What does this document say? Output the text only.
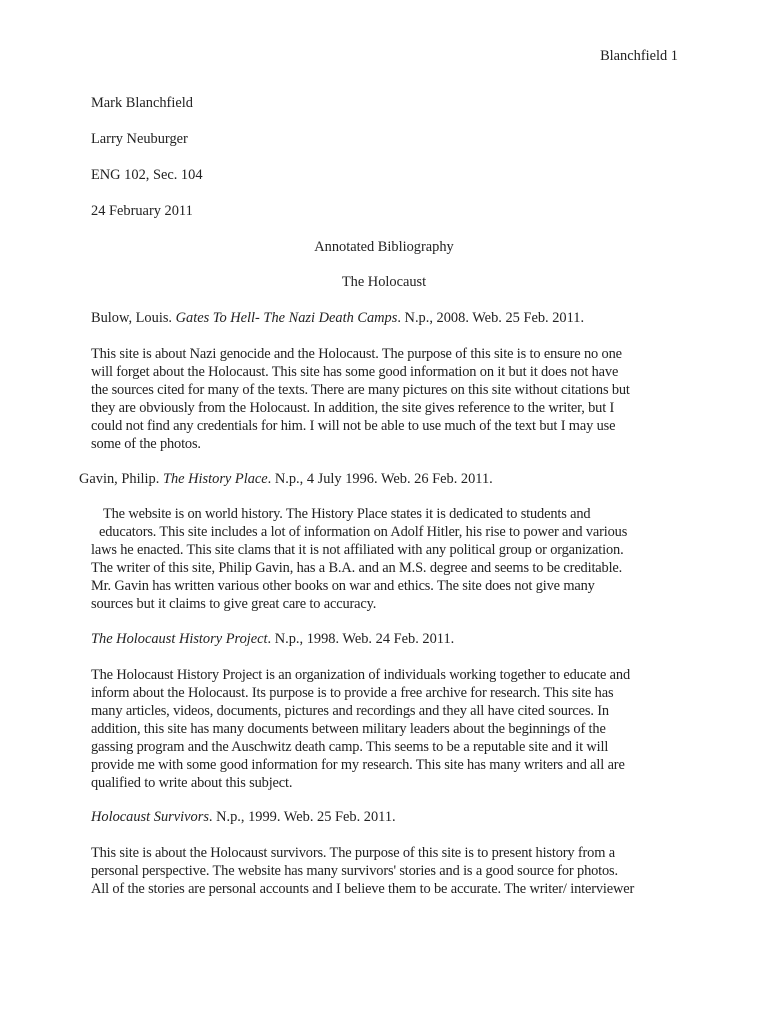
Blanchfield 1
Mark Blanchfield
Larry Neuburger
ENG 102, Sec. 104
24 February 2011
Annotated Bibliography
The Holocaust
Bulow, Louis. Gates To Hell- The Nazi Death Camps. N.p., 2008. Web. 25 Feb. 2011.
This site is about Nazi genocide and the Holocaust. The purpose of this site is to ensure no one
will forget about the Holocaust. This site has some good information on it but it does not have
the sources cited for many of the texts. There are many pictures on this site without citations but
they are obviously from the Holocaust. In addition, the site gives reference to the writer, but I
could not find any credentials for him. I will not be able to use much of the text but I may use
some of the photos.
Gavin, Philip. The History Place. N.p., 4 July 1996. Web. 26 Feb. 2011.
The website is on world history. The History Place states it is dedicated to students and
educators. This site includes a lot of information on Adolf Hitler, his rise to power and various
laws he enacted. This site clams that it is not affiliated with any political group or organization.
The writer of this site, Philip Gavin, has a B.A. and an M.S. degree and seems to be creditable.
Mr. Gavin has written various other books on war and ethics. The site does not give many
sources but it claims to give great care to accuracy.
The Holocaust History Project. N.p., 1998. Web. 24 Feb. 2011.
The Holocaust History Project is an organization of individuals working together to educate and
inform about the Holocaust. Its purpose is to provide a free archive for research. This site has
many articles, videos, documents, pictures and recordings and they all have cited sources. In
addition, this site has many documents between military leaders about the beginnings of the
gassing program and the Auschwitz death camp. This seems to be a reputable site and it will
provide me with some good information for my research. This site has many writers and all are
qualified to write about this subject.
Holocaust Survivors. N.p., 1999. Web. 25 Feb. 2011.
This site is about the Holocaust survivors. The purpose of this site is to present history from a
personal perspective. The website has many survivors' stories and is a good source for photos.
All of the stories are personal accounts and I believe them to be accurate. The writer/ interviewer
